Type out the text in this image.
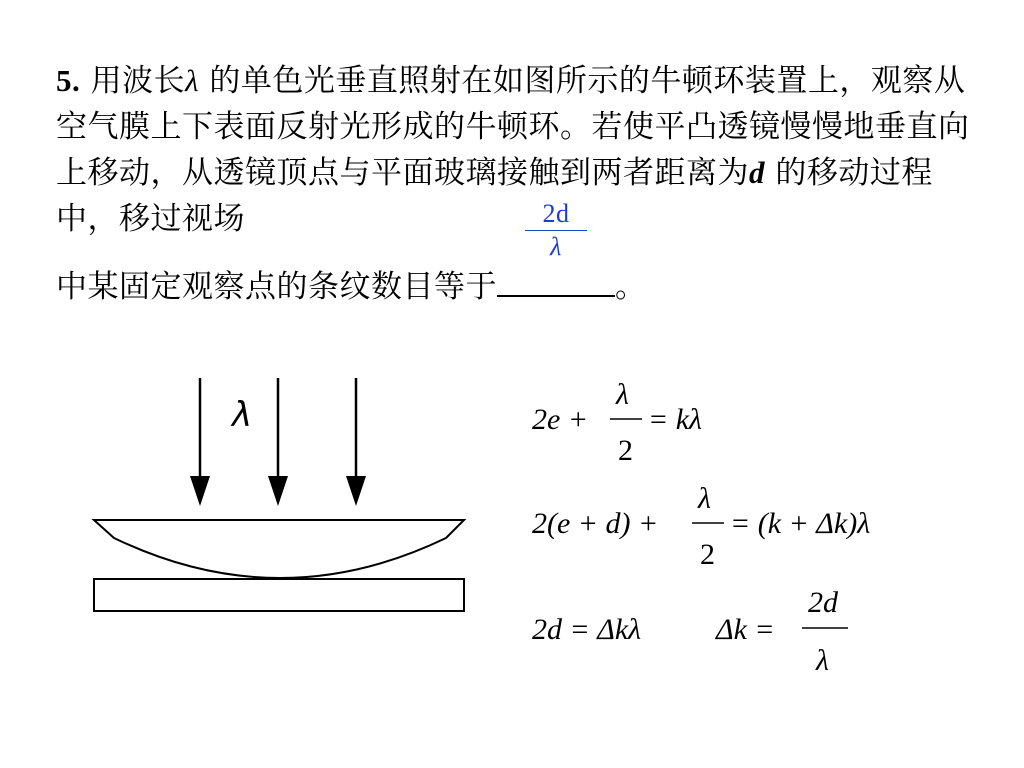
5. 用波长λ 的单色光垂直照射在如图所示的牛顿环装置上，观察从空气膜上下表面反射光形成的牛顿环。若使平凸透镜慢慢地垂直向上移动，从透镜顶点与平面玻璃接触到两者距离为d 的移动过程中，移过视场
中某固定观察点的条纹数目等于
2d
λ
。
λ	2e +
λ
2
= kλ
2(e + d) +
λ
2
= (k + Δk)λ
2d = Δkλ Δk =
2d
λ
